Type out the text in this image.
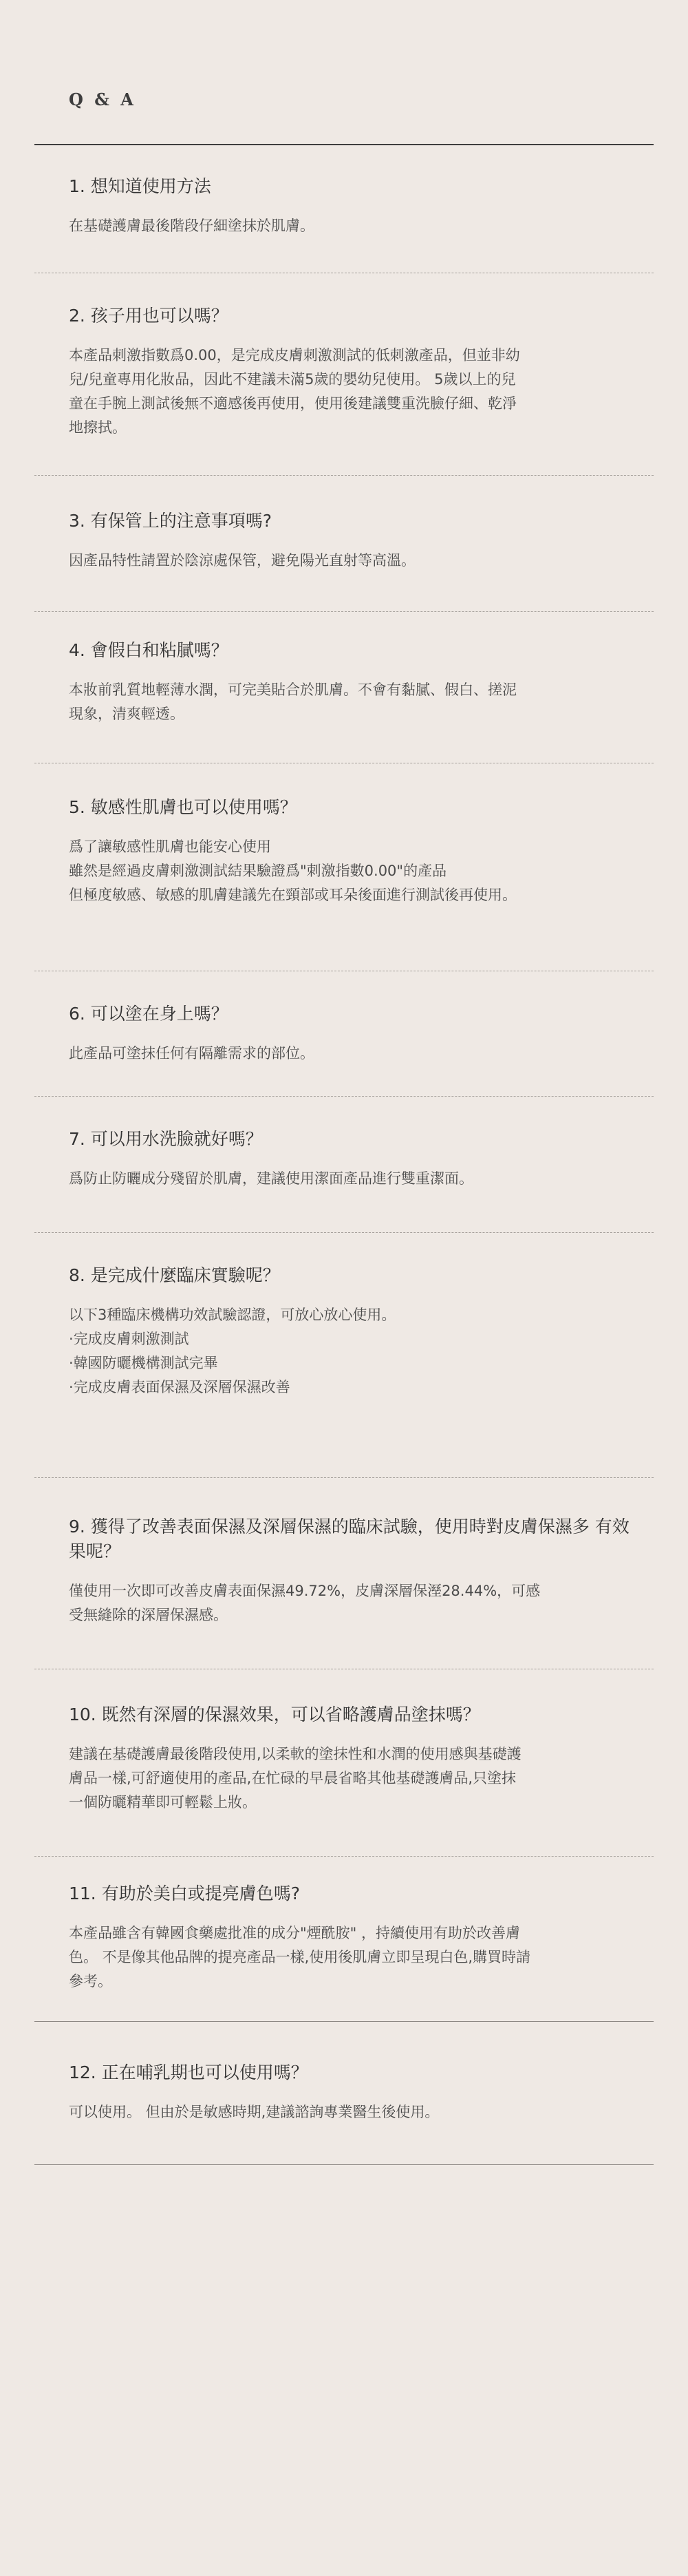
Q & A
1. 想知道使用方法

在基礎護膚最後階段仔細塗抹於肌膚。

2. 孩子用也可以嗎？

本產品刺激指數爲0.00，是完成皮膚刺激測試的低刺激產品，但並非幼
兒/兒童專用化妝品，因此不建議未滿5歲的嬰幼兒使用。 5歲以上的兒
童在手腕上測試後無不適感後再使用，使用後建議雙重洗臉仔細、乾淨
地擦拭。

3. 有保管上的注意事項嗎?

因產品特性請置於陰涼處保管，避免陽光直射等高溫。

4. 會假白和粘膩嗎？

本妝前乳質地輕薄水潤，可完美貼合於肌膚。不會有黏膩、假白、搓泥
現象，清爽輕透。

5. 敏感性肌膚也可以使用嗎？

爲了讓敏感性肌膚也能安心使用
雖然是經過皮膚刺激測試結果驗證爲"刺激指數0.00"的產品
但極度敏感、敏感的肌膚建議先在頸部或耳朵後面進行測試後再使用。

6. 可以塗在身上嗎？

此產品可塗抹任何有隔離需求的部位。

7. 可以用水洗臉就好嗎？

爲防止防曬成分殘留於肌膚，建議使用潔面產品進行雙重潔面。

8. 是完成什麼臨床實驗呢？

以下3種臨床機構功效試驗認證，可放心放心使用。
· 完成皮膚刺激測試
· 韓國防曬機構測試完畢
· 完成皮膚表面保濕及深層保濕改善

9. 獲得了改善表面保濕及深層保濕的臨床試驗，使用時對皮膚保濕多 有效果呢？

僅使用一次即可改善皮膚表面保濕49.72%，皮膚深層保溼28.44%，可感
受無縫除的深層保濕感。

10. 既然有深層的保濕效果，可以省略護膚品塗抹嗎？

建議在基礎護膚最後階段使用,以柔軟的塗抹性和水潤的使用感與基礎護
膚品一樣,可舒適使用的產品,在忙碌的早晨省略其他基礎護膚品,只塗抹
一個防曬精華即可輕鬆上妝。

11. 有助於美白或提亮膚色嗎?

本產品雖含有韓國食藥處批准的成分"煙酰胺" ，持續使用有助於改善膚
色。 不是像其他品牌的提亮產品一樣,使用後肌膚立即呈現白色,購買時請
參考。

12. 正在哺乳期也可以使用嗎？

可以使用。 但由於是敏感時期,建議諮詢專業醫生後使用。
